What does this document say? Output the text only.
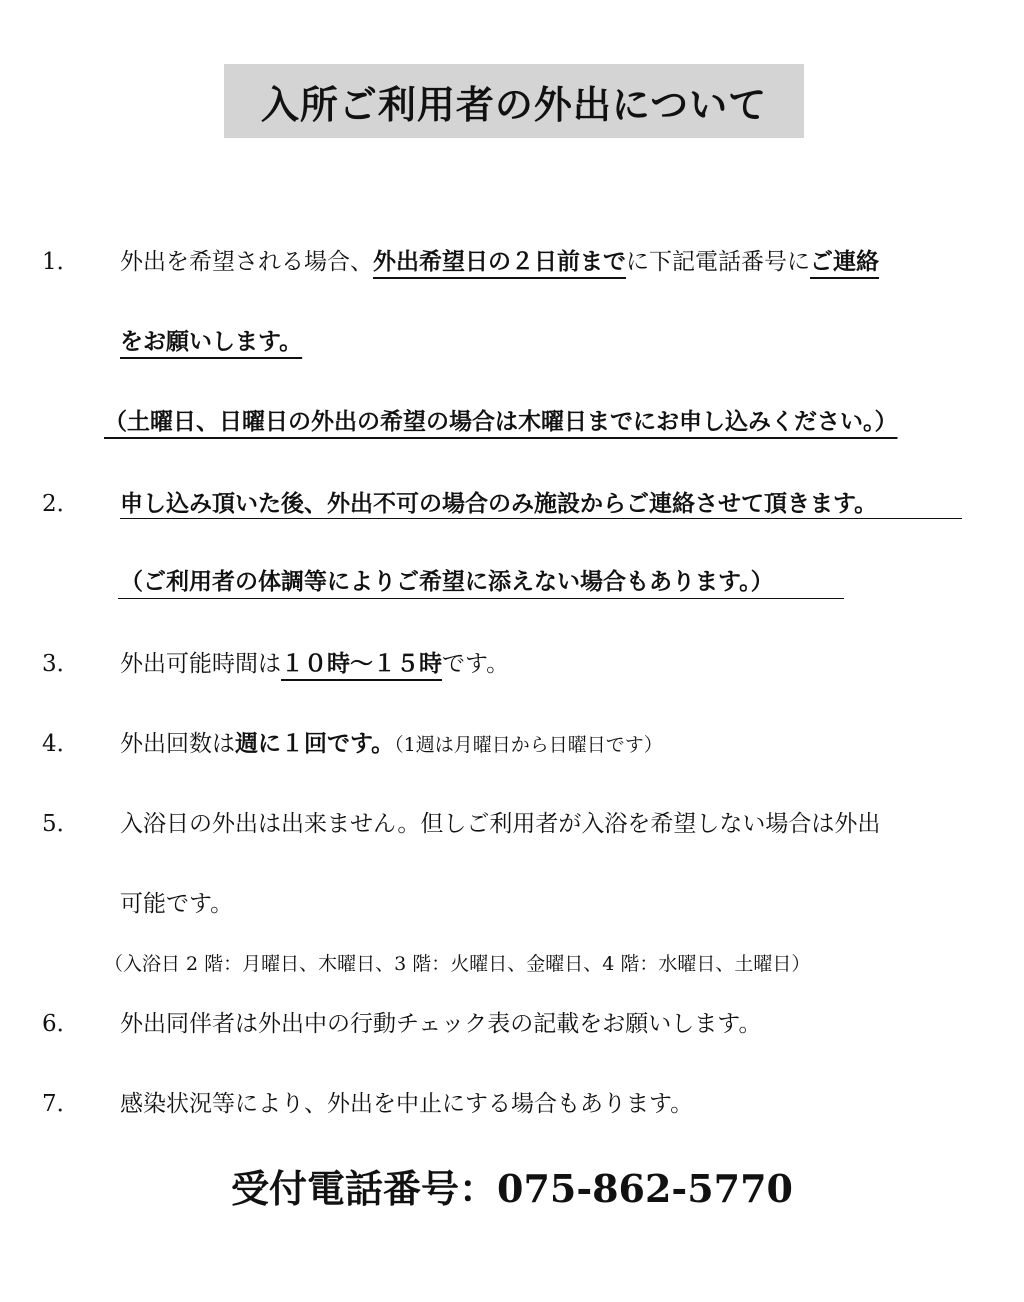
入所ご利用者の外出について
1． 外出を希望される場合、外出希望日の２日前までに下記電話番号にご連絡
をお願いします。
（土曜日、日曜日の外出の希望の場合は木曜日までにお申し込みください。）
2． 申し込み頂いた後、外出不可の場合のみ施設からご連絡させて頂きます。
（ご利用者の体調等によりご希望に添えない場合もあります。）
3． 外出可能時間は１０時〜１５時です。
4． 外出回数は週に１回です。（1週は月曜日から日曜日です）
5． 入浴日の外出は出来ません。但しご利用者が入浴を希望しない場合は外出
可能です。
（入浴日 2 階：月曜日、木曜日、3 階：火曜日、金曜日、4 階：水曜日、土曜日）
6． 外出同伴者は外出中の行動チェック表の記載をお願いします。
7． 感染状況等により、外出を中止にする場合もあります。
受付電話番号：075-862-5770
